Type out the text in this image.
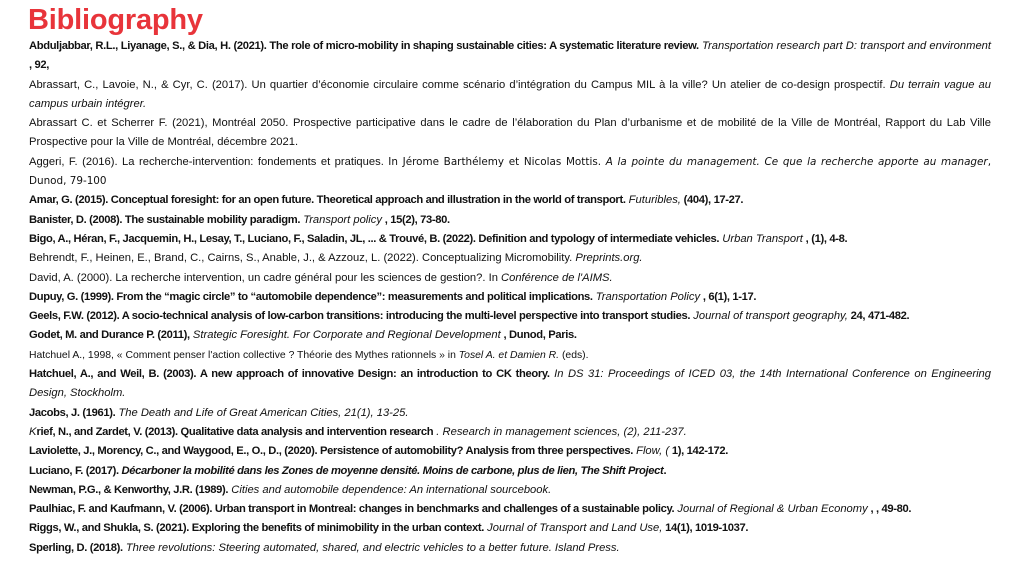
Bibliography

Abduljabbar, R.L., Liyanage, S., & Dia, H. (2021). The role of micro-mobility in shaping sustainable cities: A systematic literature review. Transportation research part D: transport and environment , 92,

Abrassart, C., Lavoie, N., & Cyr, C. (2017). Un quartier d’économie circulaire comme scénario d’intégration du Campus MIL à la ville? Un atelier de co-design prospectif. Du terrain vague au campus urbain intégrer.

Abrassart C. et Scherrer F. (2021), Montréal 2050. Prospective participative dans le cadre de l’élaboration du Plan d’urbanisme et de mobilité de la Ville de Montréal, Rapport du Lab Ville Prospective pour la Ville de Montréal, décembre 2021.

Aggeri, F. (2016). La recherche-intervention: fondements et pratiques. In Jérome Barthélemy et Nicolas Mottis. A la pointe du management. Ce que la recherche apporte au manager, Dunod, 79-100

Amar, G. (2015). Conceptual foresight: for an open future. Theoretical approach and illustration in the world of transport. Futuribles, (404), 17-27.

Banister, D. (2008). The sustainable mobility paradigm. Transport policy , 15(2), 73-80.

Bigo, A., Héran, F., Jacquemin, H., Lesay, T., Luciano, F., Saladin, JL, ... & Trouvé, B. (2022). Definition and typology of intermediate vehicles. Urban Transport , (1), 4-8.

Behrendt, F., Heinen, E., Brand, C., Cairns, S., Anable, J., & Azzouz, L. (2022). Conceptualizing Micromobility. Preprints.org.

David, A. (2000). La recherche intervention, un cadre général pour les sciences de gestion?. In Conférence de l'AIMS.

Dupuy, G. (1999). From the “magic circle” to “automobile dependence”: measurements and political implications. Transportation Policy , 6(1), 1-17.

Geels, F.W. (2012). A socio-technical analysis of low-carbon transitions: introducing the multi-level perspective into transport studies. Journal of transport geography, 24, 471-482.

Godet, M. and Durance P. (2011), Strategic Foresight. For Corporate and Regional Development , Dunod, Paris.

Hatchuel A., 1998, « Comment penser l'action collective ? Théorie des Mythes rationnels » in Tosel A. et Damien R. (eds).

Hatchuel, A., and Weil, B. (2003). A new approach of innovative Design: an introduction to CK theory. In DS 31: Proceedings of ICED 03, the 14th International Conference on Engineering Design, Stockholm.

Jacobs, J. (1961). The Death and Life of Great American Cities, 21(1), 13-25.

Krief, N., and Zardet, V. (2013). Qualitative data analysis and intervention research . Research in management sciences, (2), 211-237.

Laviolette, J., Morency, C., and Waygood, E., O., D., (2020). Persistence of automobility? Analysis from three perspectives. Flow, ( 1), 142-172.

Luciano, F. (2017). Décarboner la mobilité dans les Zones de moyenne densité. Moins de carbone, plus de lien, The Shift Project.

Newman, P.G., & Kenworthy, J.R. (1989). Cities and automobile dependence: An international sourcebook.

Paulhiac, F. and Kaufmann, V. (2006). Urban transport in Montreal: changes in benchmarks and challenges of a sustainable policy. Journal of Regional & Urban Economy , , 49-80.

Riggs, W., and Shukla, S. (2021). Exploring the benefits of minimobility in the urban context. Journal of Transport and Land Use, 14(1), 1019-1037.

Sperling, D. (2018). Three revolutions: Steering automated, shared, and electric vehicles to a better future. Island Press.
